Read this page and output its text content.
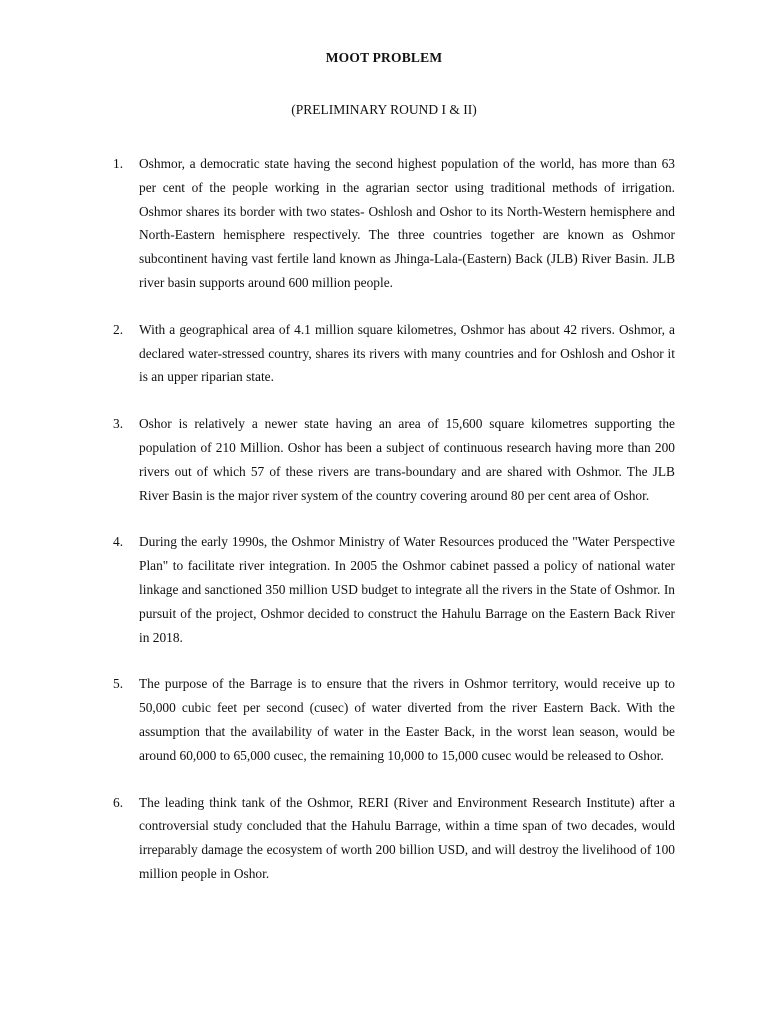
MOOT PROBLEM
(PRELIMINARY ROUND I & II)
1. Oshmor, a democratic state having the second highest population of the world, has more than 63 per cent of the people working in the agrarian sector using traditional methods of irrigation. Oshmor shares its border with two states- Oshlosh and Oshor to its North-Western hemisphere and North-Eastern hemisphere respectively. The three countries together are known as Oshmor subcontinent having vast fertile land known as Jhinga-Lala-(Eastern) Back (JLB) River Basin. JLB river basin supports around 600 million people.
2. With a geographical area of 4.1 million square kilometres, Oshmor has about 42 rivers. Oshmor, a declared water-stressed country, shares its rivers with many countries and for Oshlosh and Oshor it is an upper riparian state.
3. Oshor is relatively a newer state having an area of 15,600 square kilometres supporting the population of 210 Million. Oshor has been a subject of continuous research having more than 200 rivers out of which 57 of these rivers are trans-boundary and are shared with Oshmor. The JLB River Basin is the major river system of the country covering around 80 per cent area of Oshor.
4. During the early 1990s, the Oshmor Ministry of Water Resources produced the "Water Perspective Plan" to facilitate river integration. In 2005 the Oshmor cabinet passed a policy of national water linkage and sanctioned 350 million USD budget to integrate all the rivers in the State of Oshmor. In pursuit of the project, Oshmor decided to construct the Hahulu Barrage on the Eastern Back River in 2018.
5. The purpose of the Barrage is to ensure that the rivers in Oshmor territory, would receive up to 50,000 cubic feet per second (cusec) of water diverted from the river Eastern Back. With the assumption that the availability of water in the Easter Back, in the worst lean season, would be around 60,000 to 65,000 cusec, the remaining 10,000 to 15,000 cusec would be released to Oshor.
6. The leading think tank of the Oshmor, RERI (River and Environment Research Institute) after a controversial study concluded that the Hahulu Barrage, within a time span of two decades, would irreparably damage the ecosystem of worth 200 billion USD, and will destroy the livelihood of 100 million people in Oshor.
